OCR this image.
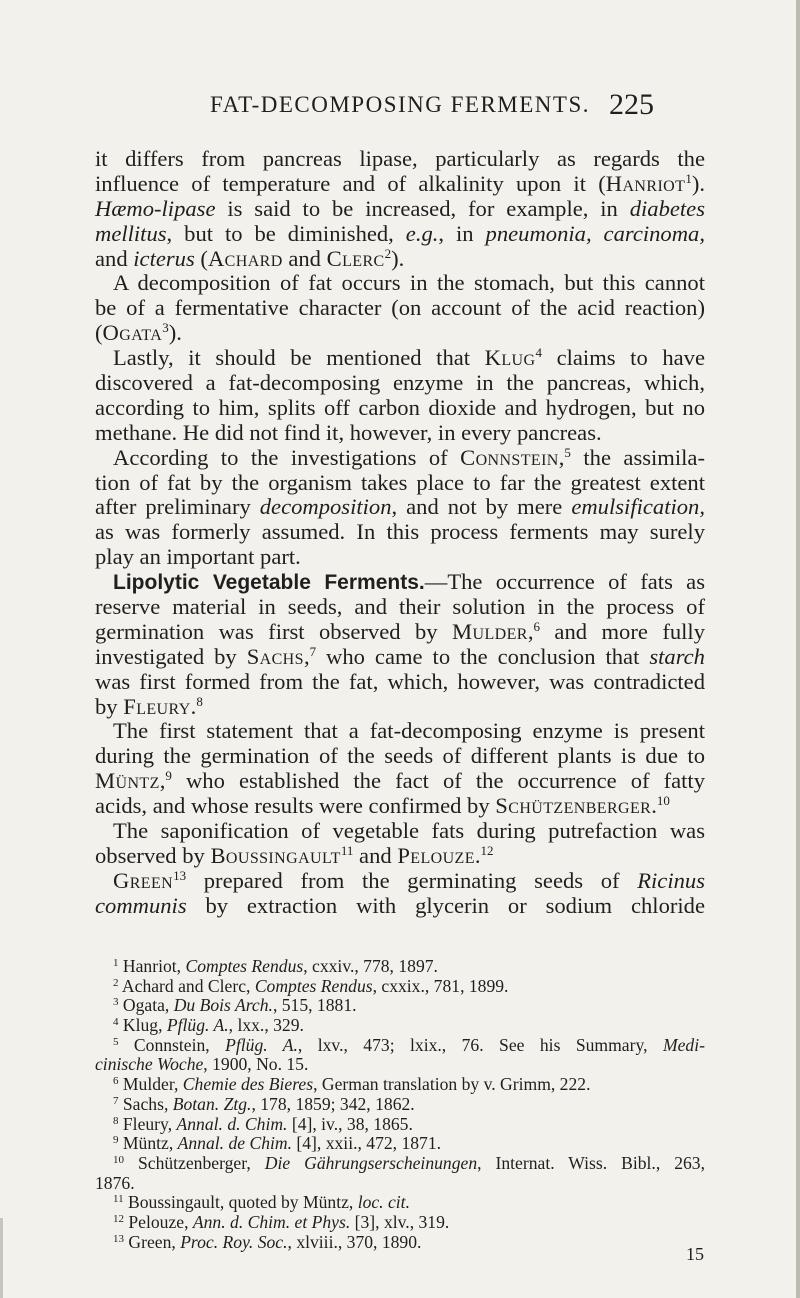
FAT-DECOMPOSING FERMENTS. 225
it differs from pancreas lipase, particularly as regards the
influence of temperature and of alkalinity upon it (Hanriot$^1$).
Hæmo-lipase is said to be increased, for example, in diabetes
mellitus, but to be diminished, e.g., in pneumonia, carcinoma,
and icterus (Achard and Clerc$^2$).
A decomposition of fat occurs in the stomach, but this cannot
be of a fermentative character (on account of the acid reaction)
(Ogata$^3$).
Lastly, it should be mentioned that Klug$^4$ claims to have
discovered a fat-decomposing enzyme in the pancreas, which,
according to him, splits off carbon dioxide and hydrogen, but no
methane. He did not find it, however, in every pancreas.
According to the investigations of Connstein,$^5$ the assimila-
tion of fat by the organism takes place to far the greatest extent
after preliminary decomposition, and not by mere emulsification,
as was formerly assumed. In this process ferments may surely
play an important part.
Lipolytic Vegetable Ferments.—The occurrence of fats as
reserve material in seeds, and their solution in the process of
germination was first observed by Mulder,$^6$ and more fully
investigated by Sachs,$^7$ who came to the conclusion that starch
was first formed from the fat, which, however, was contradicted
by Fleury.$^8$
The first statement that a fat-decomposing enzyme is present
during the germination of the seeds of different plants is due to
Müntz,$^9$ who established the fact of the occurrence of fatty
acids, and whose results were confirmed by Schützenberger.$^{10}$
The saponification of vegetable fats during putrefaction was
observed by Boussingault$^{11}$ and Pelouze.$^{12}$
Green$^{13}$ prepared from the germinating seeds of Ricinus
communis by extraction with glycerin or sodium chloride
$^1$ Hanriot, Comptes Rendus, cxxiv., 778, 1897.
$^2$ Achard and Clerc, Comptes Rendus, cxxix., 781, 1899.
$^3$ Ogata, Du Bois Arch., 515, 1881.
$^4$ Klug, Pflüg. A., lxx., 329.
$^5$ Connstein, Pflüg. A., lxv., 473; lxix., 76. See his Summary, Medi-
cinische Woche, 1900, No. 15.
$^6$ Mulder, Chemie des Bieres, German translation by v. Grimm, 222.
$^7$ Sachs, Botan. Ztg., 178, 1859; 342, 1862.
$^8$ Fleury, Annal. d. Chim. [4], iv., 38, 1865.
$^9$ Müntz, Annal. de Chim. [4], xxii., 472, 1871.
$^{10}$ Schützenberger, Die Gährungserscheinungen, Internat. Wiss. Bibl., 263,
1876.
$^{11}$ Boussingault, quoted by Müntz, loc. cit.
$^{12}$ Pelouze, Ann. d. Chim. et Phys. [3], xlv., 319.
$^{13}$ Green, Proc. Roy. Soc., xlviii., 370, 1890.
15
